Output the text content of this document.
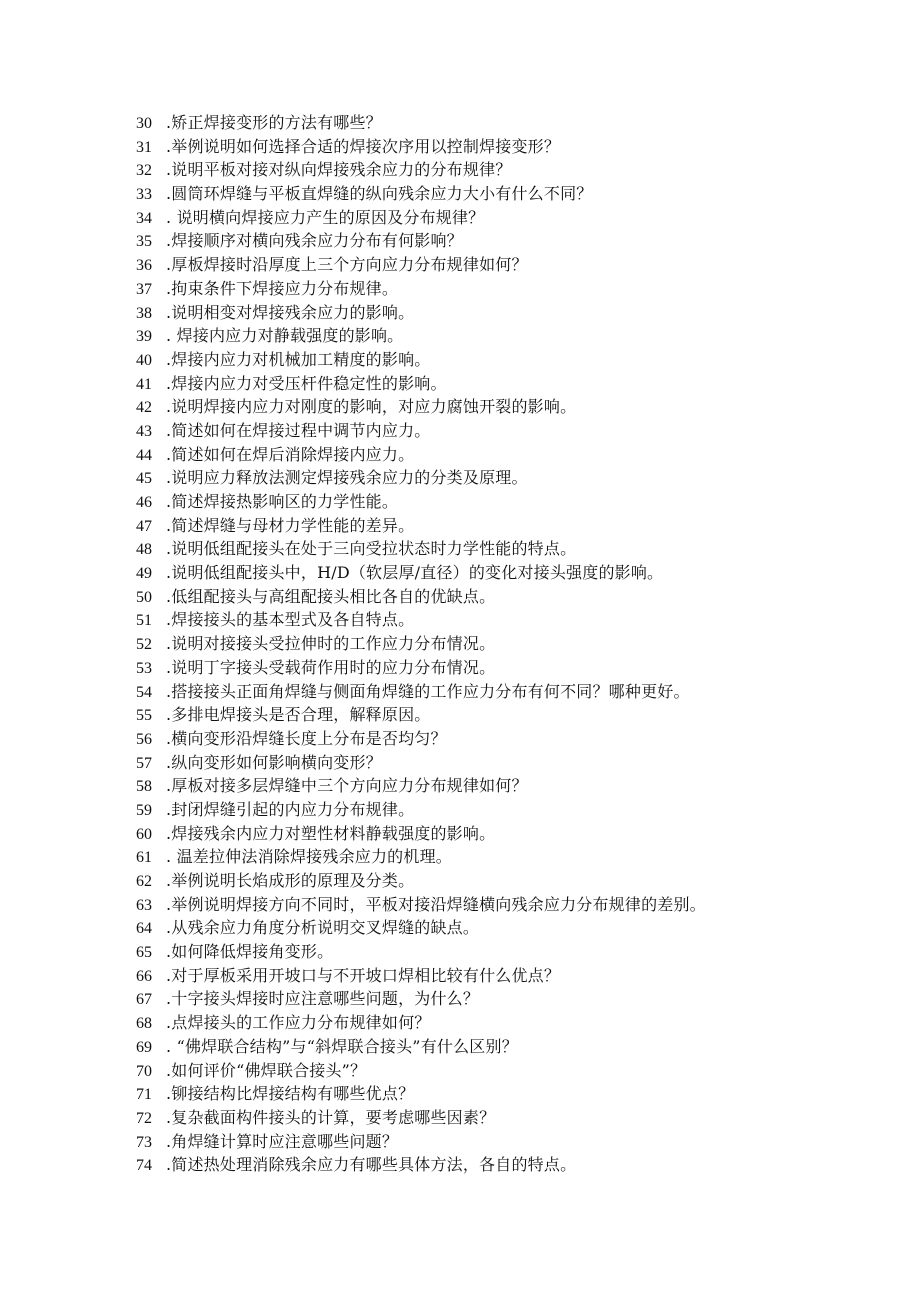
30 .矫正焊接变形的方法有哪些？
31 .举例说明如何选择合适的焊接次序用以控制焊接变形？
32 .说明平板对接对纵向焊接残余应力的分布规律？
33 .圆筒环焊缝与平板直焊缝的纵向残余应力大小有什么不同？
34 . 说明横向焊接应力产生的原因及分布规律？
35 .焊接顺序对横向残余应力分布有何影响？
36 .厚板焊接时沿厚度上三个方向应力分布规律如何？
37 .拘束条件下焊接应力分布规律。
38 .说明相变对焊接残余应力的影响。
39 . 焊接内应力对静载强度的影响。
40 .焊接内应力对机械加工精度的影响。
41 .焊接内应力对受压杆件稳定性的影响。
42 .说明焊接内应力对刚度的影响，对应力腐蚀开裂的影响。
43 .简述如何在焊接过程中调节内应力。
44 .简述如何在焊后消除焊接内应力。
45 .说明应力释放法测定焊接残余应力的分类及原理。
46 .简述焊接热影响区的力学性能。
47 .简述焊缝与母材力学性能的差异。
48 .说明低组配接头在处于三向受拉状态时力学性能的特点。
49 .说明低组配接头中，H/D（软层厚/直径）的变化对接头强度的影响。
50 .低组配接头与高组配接头相比各自的优缺点。
51 .焊接接头的基本型式及各自特点。
52 .说明对接接头受拉伸时的工作应力分布情况。
53 .说明丁字接头受载荷作用时的应力分布情况。
54 .搭接接头正面角焊缝与侧面角焊缝的工作应力分布有何不同？哪种更好。
55 .多排电焊接头是否合理，解释原因。
56 .横向变形沿焊缝长度上分布是否均匀？
57 .纵向变形如何影响横向变形？
58 .厚板对接多层焊缝中三个方向应力分布规律如何？
59 .封闭焊缝引起的内应力分布规律。
60 .焊接残余内应力对塑性材料静载强度的影响。
61 . 温差拉伸法消除焊接残余应力的机理。
62 .举例说明长焰成形的原理及分类。
63 .举例说明焊接方向不同时，平板对接沿焊缝横向残余应力分布规律的差别。
64 .从残余应力角度分析说明交叉焊缝的缺点。
65 .如何降低焊接角变形。
66 .对于厚板采用开坡口与不开坡口焊相比较有什么优点？
67 .十字接头焊接时应注意哪些问题，为什么？
68 .点焊接头的工作应力分布规律如何？
69 . “佛焊联合结构”与“斜焊联合接头”有什么区别？
70 .如何评价“佛焊联合接头”？
71 .铆接结构比焊接结构有哪些优点？
72 .复杂截面构件接头的计算，要考虑哪些因素？
73 .角焊缝计算时应注意哪些问题？
74 .简述热处理消除残余应力有哪些具体方法，各自的特点。
